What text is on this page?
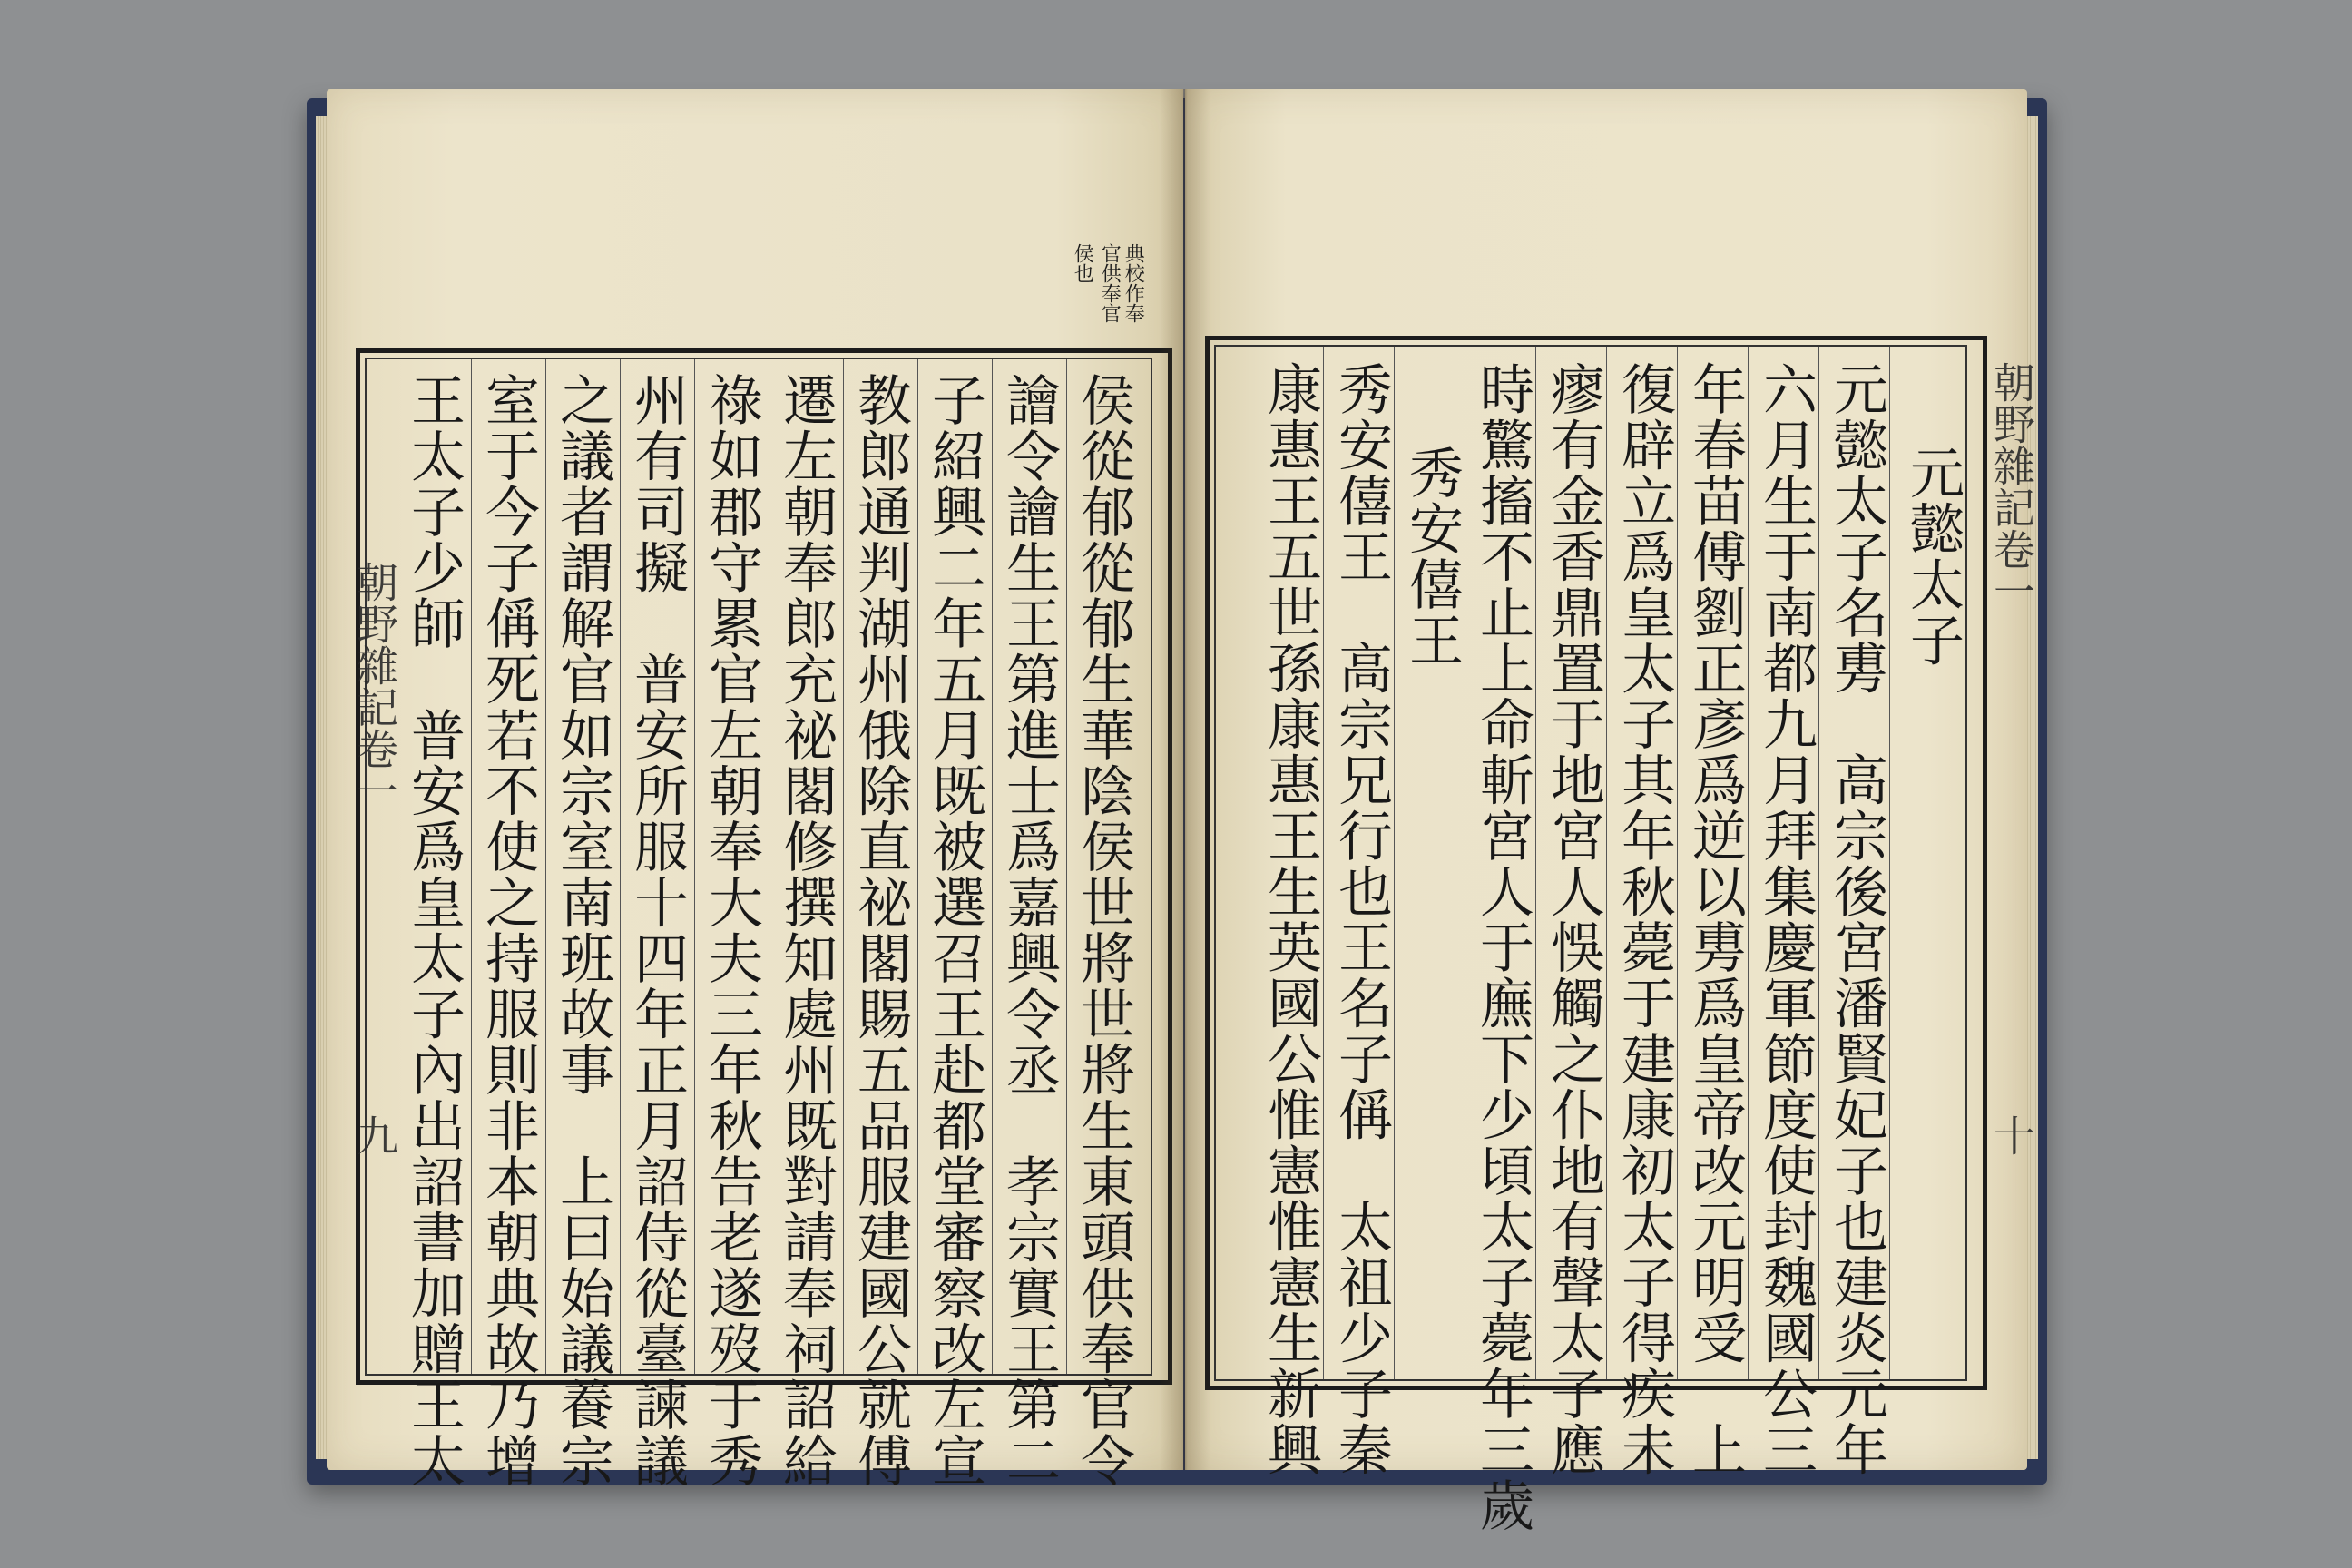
典校作奉
官供奉官
侯也
侯從郁從郁生華陰侯世將世將生東頭供奉官令
譮令譮生王第進士爲嘉興令丞　孝宗實王第二
子紹興二年五月既被選召王赴都堂審察改左宣
教郎通判湖州俄除直祕閣賜五品服建國公就傅
遷左朝奉郎充祕閣修撰知處州既對請奉祠詔給
祿如郡守累官左朝奉大夫三年秋告老遂歿于秀
州有司擬　普安所服十四年正月詔侍從臺諫議
之議者謂解官如宗室南班故事　上曰始議養宗
室于今子偁死若不使之持服則非本朝典故乃增
王太子少師　普安爲皇太子內出詔書加贈王太
朝野雜記卷一
九
元懿太子
元懿太子名旉　高宗後宮潘賢妃子也建炎元年
六月生于南都九月拜集慶軍節度使封魏國公三
年春苗傅劉正彥爲逆以旉爲皇帝改元明受　上
復辟立爲皇太子其年秋薨于建康初太子得疾未
瘳有金香鼎置于地宮人悞觸之仆地有聲太子應
時驚搐不止上命斬宮人于廡下少頃太子薨年三歲
秀安僖王
秀安僖王　高宗兄行也王名子偁　太祖少子秦
康惠王五世孫康惠王生英國公惟憲惟憲生新興	朝野雜記卷一
十
